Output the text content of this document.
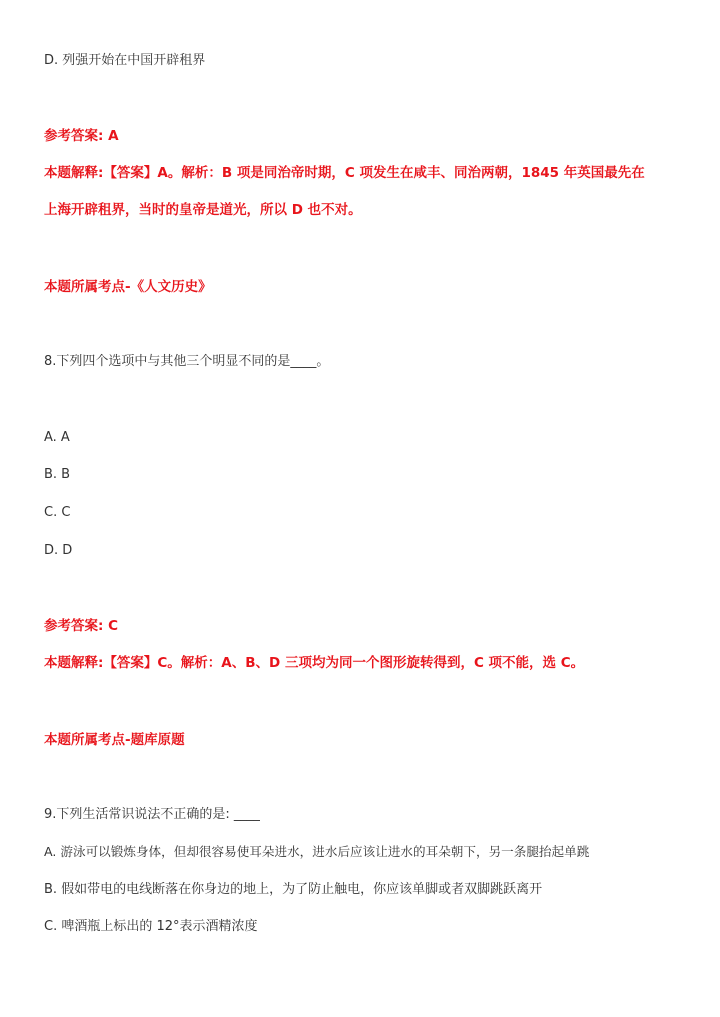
D. 列强开始在中国开辟租界
参考答案: A
本题解释:【答案】A。解析：B 项是同治帝时期，C 项发生在咸丰、同治两朝，1845 年英国最先在
上海开辟租界，当时的皇帝是道光，所以 D 也不对。
本题所属考点-《人文历史》
8.下列四个选项中与其他三个明显不同的是____。
A. A
B. B
C. C
D. D
参考答案: C
本题解释:【答案】C。解析：A、B、D 三项均为同一个图形旋转得到，C 项不能，选 C。
本题所属考点-题库原题
9.下列生活常识说法不正确的是: ____
A. 游泳可以锻炼身体，但却很容易使耳朵进水，进水后应该让进水的耳朵朝下，另一条腿抬起单跳
B. 假如带电的电线断落在你身边的地上，为了防止触电，你应该单脚或者双脚跳跃离开
C. 啤酒瓶上标出的 12°表示酒精浓度
